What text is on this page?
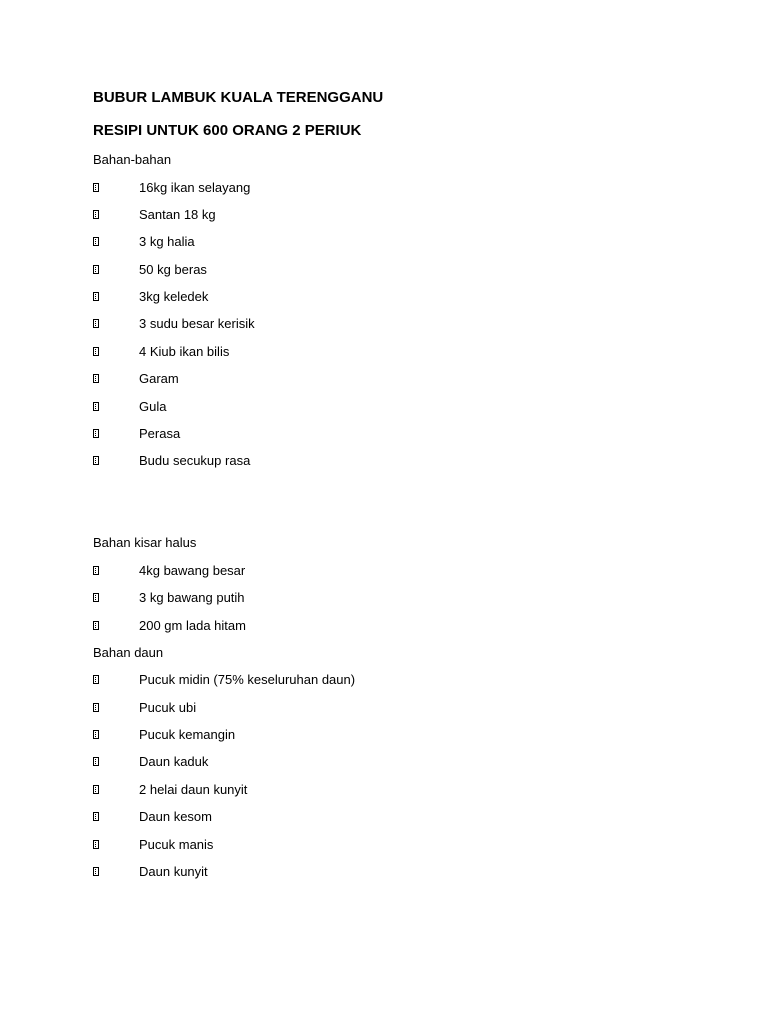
BUBUR LAMBUK KUALA TERENGGANU
RESIPI UNTUK 600 ORANG 2 PERIUK
Bahan-bahan
16kg ikan selayang
Santan 18 kg
3 kg halia
50 kg beras
3kg keledek
3 sudu besar kerisik
4 Kiub ikan bilis
Garam
Gula
Perasa
Budu secukup rasa
Bahan kisar halus
4kg bawang besar
3 kg bawang putih
200 gm lada hitam
Bahan daun
Pucuk midin (75% keseluruhan daun)
Pucuk ubi
Pucuk kemangin
Daun kaduk
2 helai daun kunyit
Daun kesom
Pucuk manis
Daun kunyit
